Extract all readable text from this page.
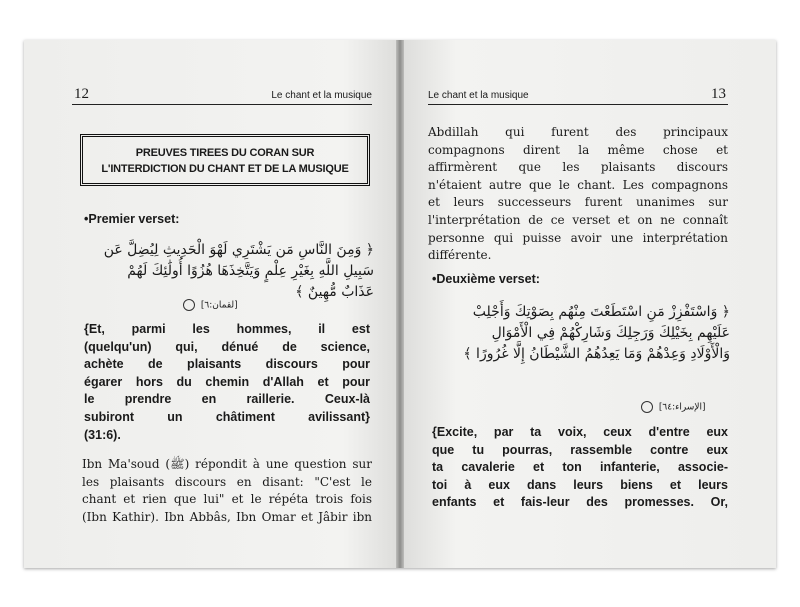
12	Le chant et la musique
PREUVES TIREES DU CORAN SUR
L'INTERDICTION DU CHANT ET DE LA MUSIQUE
•Premier verset:
﴿ وَمِنَ النَّاسِ مَن يَشْتَرِي لَهْوَ الْحَدِيثِ لِيُضِلَّ عَن
سَبِيلِ اللَّهِ بِغَيْرِ عِلْمٍ وَيَتَّخِذَهَا هُزُوًا أُولَٰئِكَ لَهُمْ
عَذَابٌ مُّهِينٌ ﴾
[لقمان:٦]
{Et, parmi les hommes, il est
(quelqu'un) qui, dénué de science,
achète de plaisants discours pour
égarer hors du chemin d'Allah et pour
le prendre en raillerie. Ceux-là
subiront un châtiment avilissant}
(31:6).
Ibn Ma'soud (ﷺ) répondit à une question sur
les plaisants discours en disant: "C'est le
chant et rien que lui" et le répéta trois fois
(Ibn Kathir). Ibn Abbâs, Ibn Omar et Jâbir ibn
Le chant et la musique	13
Abdillah qui furent des principaux
compagnons dirent la même chose et
affirmèrent que les plaisants discours
n'étaient autre que le chant. Les compagnons
et leurs successeurs furent unanimes sur
l'interprétation de ce verset et on ne connaît
personne qui puisse avoir une interprétation
différente.
•Deuxième verset:
﴿ وَاسْتَفْزِزْ مَنِ اسْتَطَعْتَ مِنْهُم بِصَوْتِكَ وَأَجْلِبْ
عَلَيْهِم بِخَيْلِكَ وَرَجِلِكَ وَشَارِكْهُمْ فِي الْأَمْوَالِ
وَالْأَوْلَادِ وَعِدْهُمْ وَمَا يَعِدُهُمُ الشَّيْطَانُ إِلَّا غُرُورًا ﴾
[الإسراء:٦٤]
{Excite, par ta voix, ceux d'entre eux
que tu pourras, rassemble contre eux
ta cavalerie et ton infanterie, associe-
toi à eux dans leurs biens et leurs
enfants et fais-leur des promesses. Or,
